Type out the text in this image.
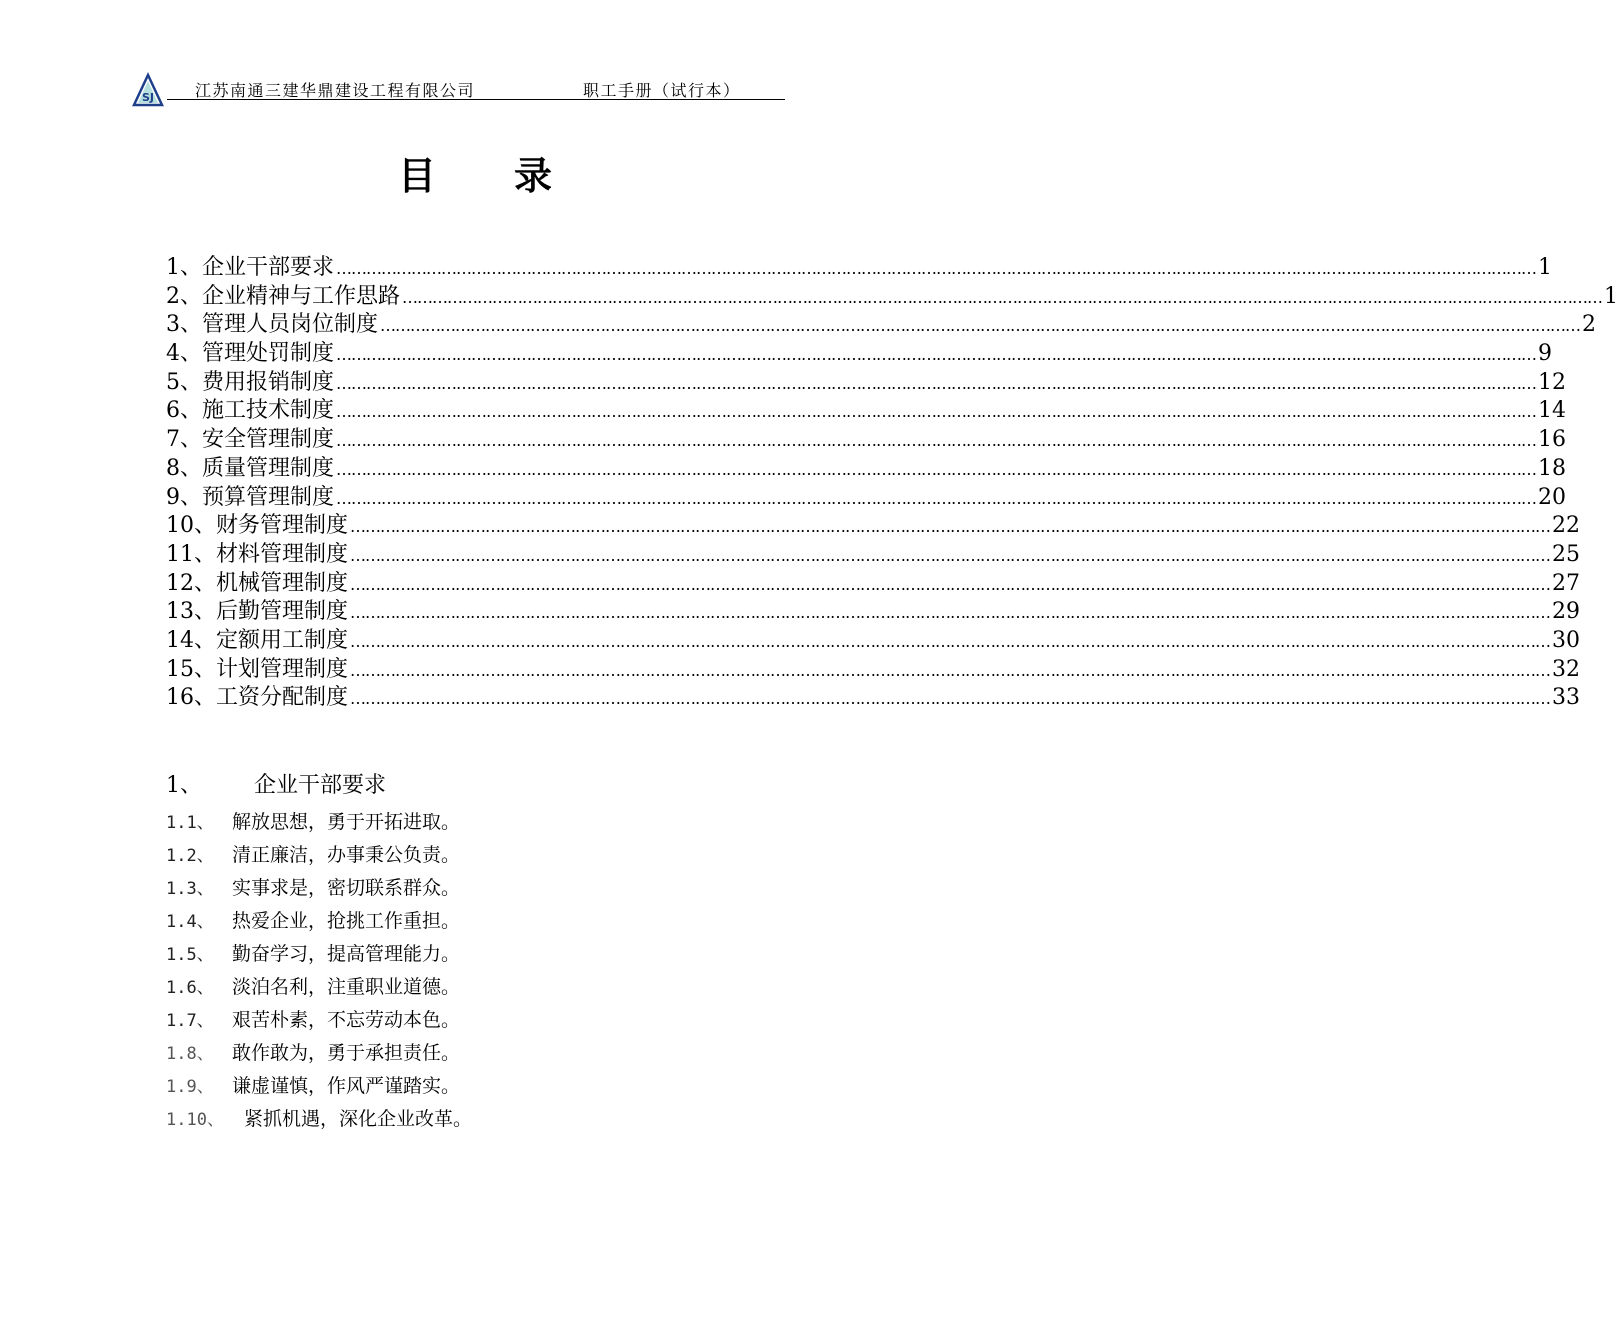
SJ	江苏南通三建华鼎建设工程有限公司	职工手册（试行本）
目 录
1、 企业干部要求 …………………………………………………………………………………………………………………………………………………………………………………………………………………… 1
2、 企业精神与工作思路 …………………………………………………………………………………………………………………………………………………………………………………………………………………… 1
3、 管理人员岗位制度 …………………………………………………………………………………………………………………………………………………………………………………………………………………… 2
4、 管理处罚制度 …………………………………………………………………………………………………………………………………………………………………………………………………………………… 9
5、 费用报销制度 …………………………………………………………………………………………………………………………………………………………………………………………………………………… 12
6、 施工技术制度 …………………………………………………………………………………………………………………………………………………………………………………………………………………… 14
7、 安全管理制度 …………………………………………………………………………………………………………………………………………………………………………………………………………………… 16
8、 质量管理制度 …………………………………………………………………………………………………………………………………………………………………………………………………………………… 18
9、 预算管理制度 …………………………………………………………………………………………………………………………………………………………………………………………………………………… 20
10、 财务管理制度 …………………………………………………………………………………………………………………………………………………………………………………………………………………… 22
11、 材料管理制度 …………………………………………………………………………………………………………………………………………………………………………………………………………………… 25
12、 机械管理制度 …………………………………………………………………………………………………………………………………………………………………………………………………………………… 27
13、 后勤管理制度 …………………………………………………………………………………………………………………………………………………………………………………………………………………… 29
14、 定额用工制度 …………………………………………………………………………………………………………………………………………………………………………………………………………………… 30
15、 计划管理制度 …………………………………………………………………………………………………………………………………………………………………………………………………………………… 32
16、 工资分配制度 …………………………………………………………………………………………………………………………………………………………………………………………………………………… 33
1、 企业干部要求
1.1、 解放思想，勇于开拓进取。
1.2、 清正廉洁，办事秉公负责。
1.3、 实事求是，密切联系群众。
1.4、 热爱企业，抢挑工作重担。
1.5、 勤奋学习，提高管理能力。
1.6、 淡泊名利，注重职业道德。
1.7、 艰苦朴素，不忘劳动本色。
1.8、 敢作敢为，勇于承担责任。
1.9、 谦虚谨慎，作风严谨踏实。
1.10、 紧抓机遇，深化企业改革。
